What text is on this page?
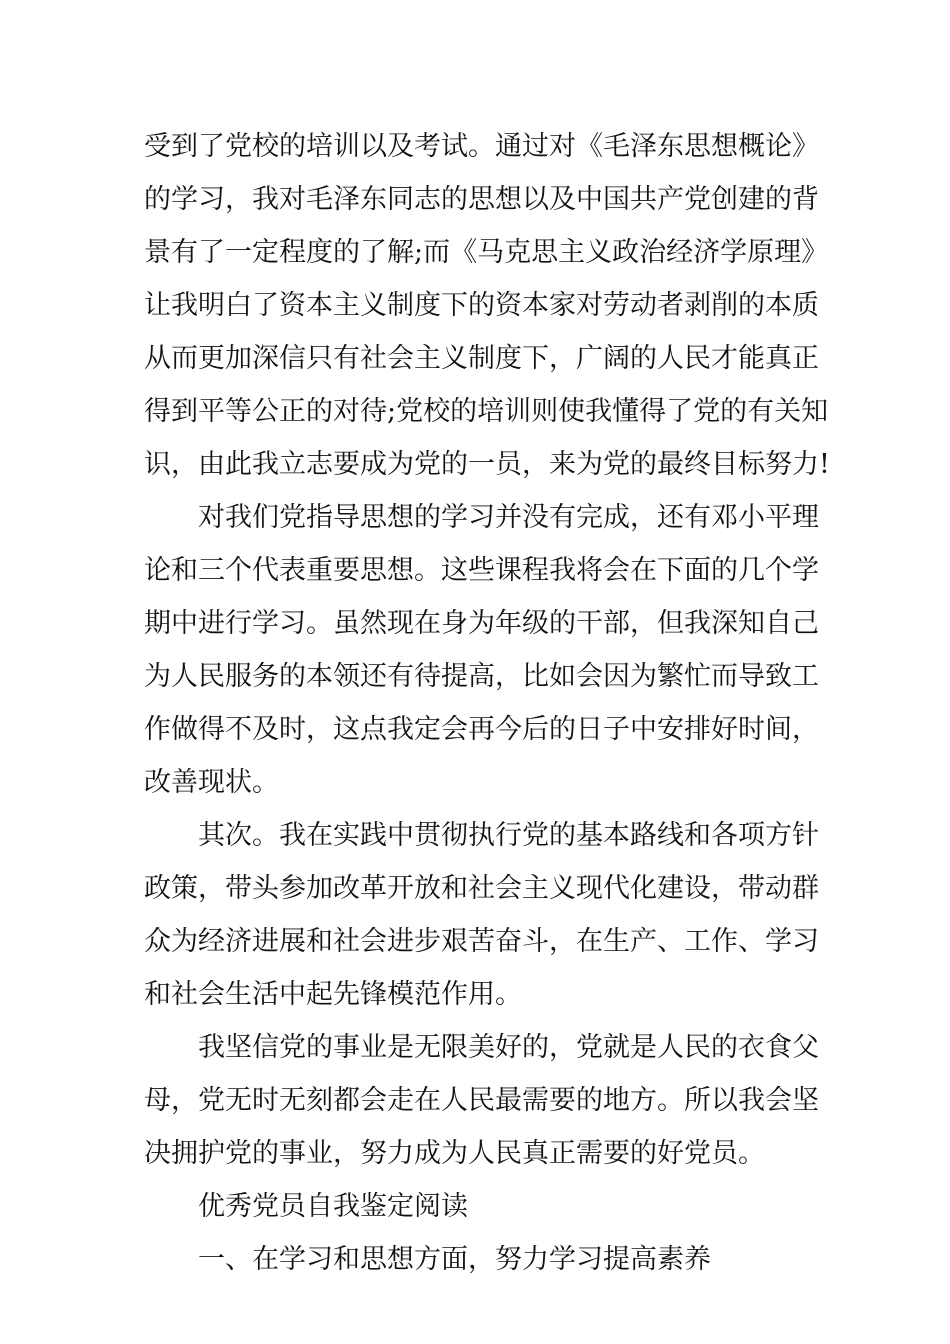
受到了党校的培训以及考试。通过对《毛泽东思想概论》
的学习，我对毛泽东同志的思想以及中国共产党创建的背
景有了一定程度的了解;而《马克思主义政治经济学原理》
让我明白了资本主义制度下的资本家对劳动者剥削的本质
从而更加深信只有社会主义制度下，广阔的人民才能真正
得到平等公正的对待;党校的培训则使我懂得了党的有关知
识，由此我立志要成为党的一员，来为党的最终目标努力!
对我们党指导思想的学习并没有完成，还有邓小平理
论和三个代表重要思想。这些课程我将会在下面的几个学
期中进行学习。虽然现在身为年级的干部，但我深知自己
为人民服务的本领还有待提高，比如会因为繁忙而导致工
作做得不及时，这点我定会再今后的日子中安排好时间，
改善现状。
其次。我在实践中贯彻执行党的基本路线和各项方针
政策，带头参加改革开放和社会主义现代化建设，带动群
众为经济进展和社会进步艰苦奋斗，在生产、工作、学习
和社会生活中起先锋模范作用。
我坚信党的事业是无限美好的，党就是人民的衣食父
母，党无时无刻都会走在人民最需要的地方。所以我会坚
决拥护党的事业，努力成为人民真正需要的好党员。
优秀党员自我鉴定阅读
一、在学习和思想方面，努力学习提高素养
